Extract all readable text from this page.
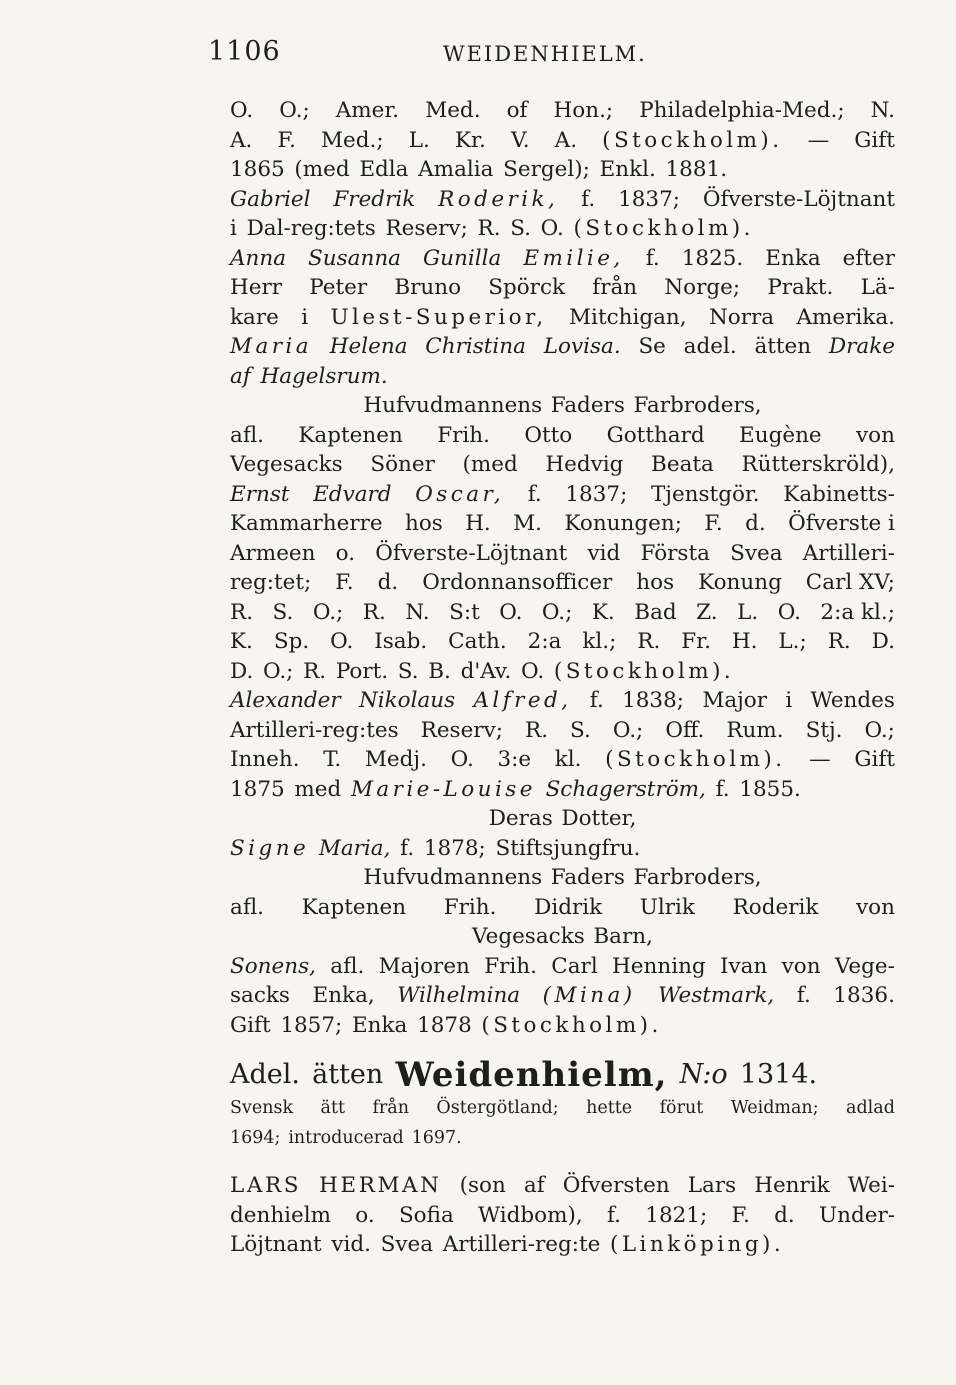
1106	WEIDENHIELM.
O. O.; Amer. Med. of Hon.; Philadelphia-Med.; N.
A. F. Med.; L. Kr. V. A. (Stockholm). — Gift
1865 (med Edla Amalia Sergel); Enkl. 1881.
Gabriel Fredrik Roderik, f. 1837; Öfverste-Löjtnant
i Dal-reg:tets Reserv; R. S. O. (Stockholm).
Anna Susanna Gunilla Emilie, f. 1825. Enka efter
Herr Peter Bruno Spörck från Norge; Prakt. Lä-
kare i Ulest-Superior, Mitchigan, Norra Amerika.
Maria Helena Christina Lovisa. Se adel. ätten Drake
af Hagelsrum.
Hufvudmannens Faders Farbroders,
afl. Kaptenen Frih. Otto Gotthard Eugène von
Vegesacks Söner (med Hedvig Beata Rütterskröld),
Ernst Edvard Oscar, f. 1837; Tjenstgör. Kabinetts-
Kammarherre hos H. M. Konungen; F. d. Öfverste i
Armeen o. Öfverste-Löjtnant vid Första Svea Artilleri-
reg:tet; F. d. Ordonnansofficer hos Konung Carl XV;
R. S. O.; R. N. S:t O. O.; K. Bad Z. L. O. 2:a kl.;
K. Sp. O. Isab. Cath. 2:a kl.; R. Fr. H. L.; R. D.
D. O.; R. Port. S. B. d'Av. O. (Stockholm).
Alexander Nikolaus Alfred, f. 1838; Major i Wendes
Artilleri-reg:tes Reserv; R. S. O.; Off. Rum. Stj. O.;
Inneh. T. Medj. O. 3:e kl. (Stockholm). — Gift
1875 med Marie-Louise Schagerström, f. 1855.
Deras Dotter,
Signe Maria, f. 1878; Stiftsjungfru.
Hufvudmannens Faders Farbroders,
afl. Kaptenen Frih. Didrik Ulrik Roderik von
Vegesacks Barn,
Sonens, afl. Majoren Frih. Carl Henning Ivan von Vege-
sacks Enka, Wilhelmina (Mina) Westmark, f. 1836.
Gift 1857; Enka 1878 (Stockholm).
Adel. ätten Weidenhielm, N:o 1314.
Svensk ätt från Östergötland; hette förut Weidman; adlad
1694; introducerad 1697.
LARS HERMAN (son af Öfversten Lars Henrik Wei-
denhielm o. Sofia Widbom), f. 1821; F. d. Under-
Löjtnant vid. Svea Artilleri-reg:te (Linköping).
